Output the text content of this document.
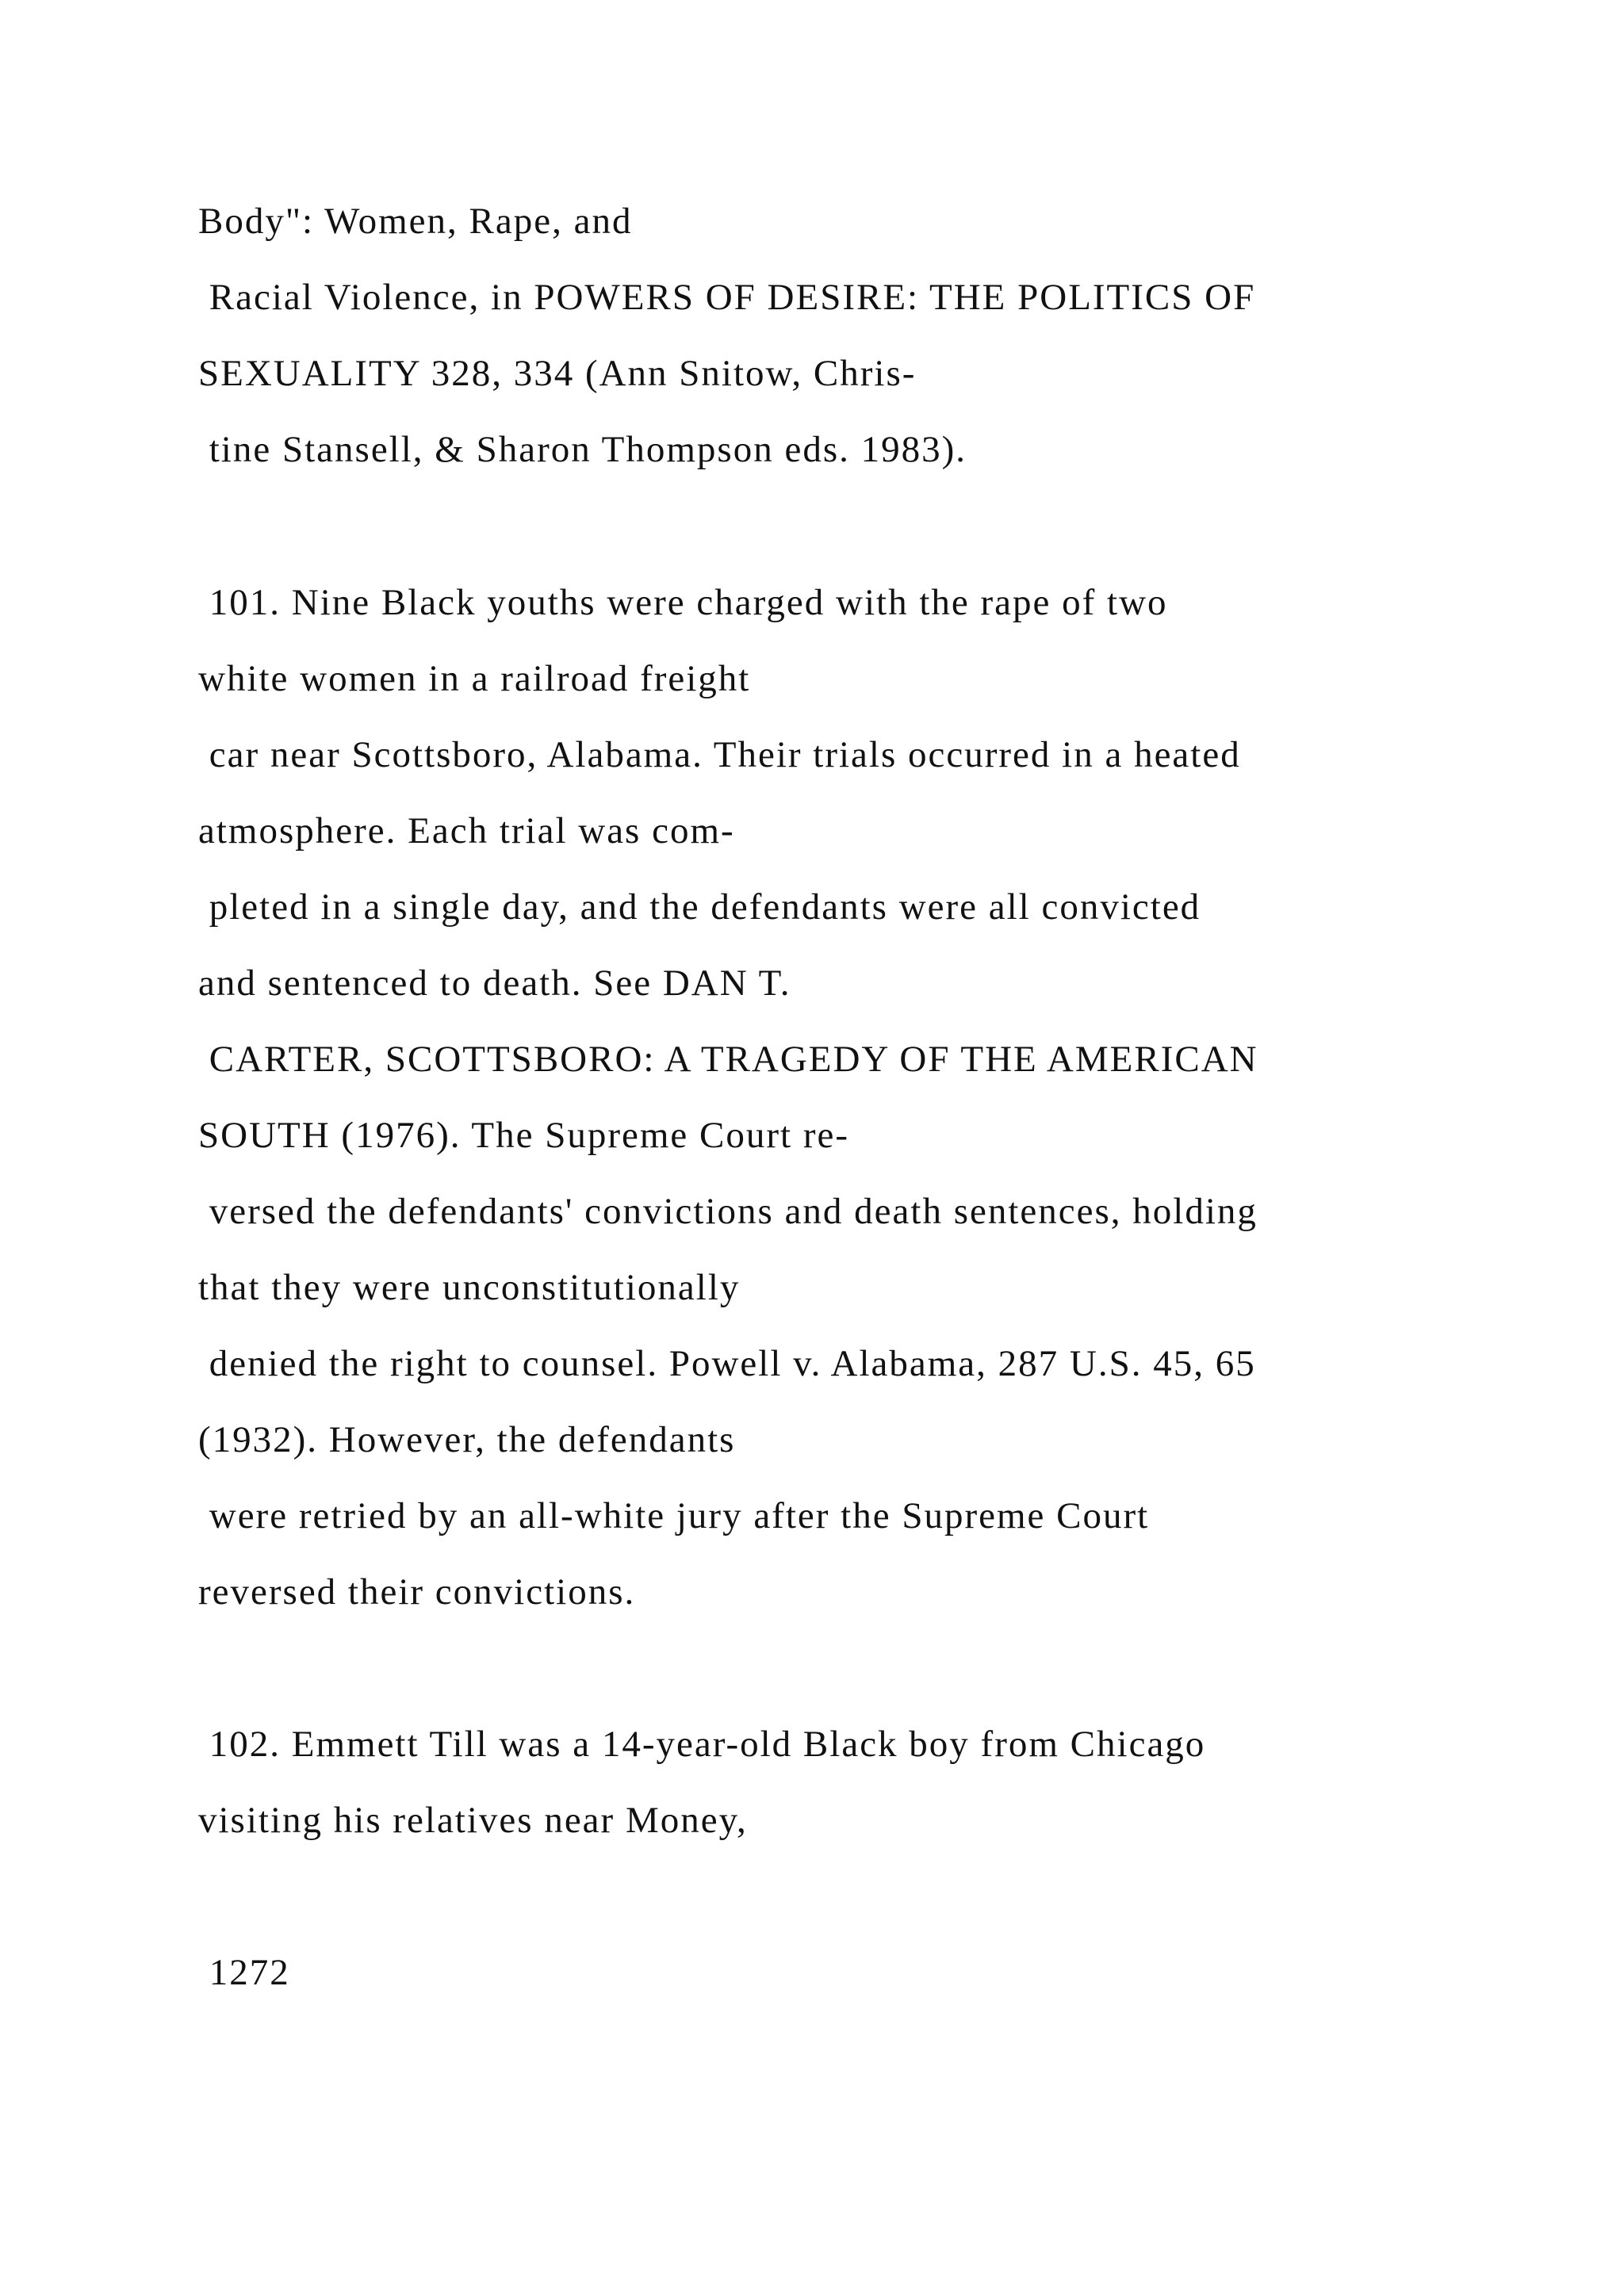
Body": Women, Rape, and
Racial Violence, in POWERS OF DESIRE: THE POLITICS OF
SEXUALITY 328, 334 (Ann Snitow, Chris-
tine Stansell, & Sharon Thompson eds. 1983).
101. Nine Black youths were charged with the rape of two
white women in a railroad freight
car near Scottsboro, Alabama. Their trials occurred in a heated
atmosphere. Each trial was com-
pleted in a single day, and the defendants were all convicted
and sentenced to death. See DAN T.
CARTER, SCOTTSBORO: A TRAGEDY OF THE AMERICAN
SOUTH (1976). The Supreme Court re-
versed the defendants' convictions and death sentences, holding
that they were unconstitutionally
denied the right to counsel. Powell v. Alabama, 287 U.S. 45, 65
(1932). However, the defendants
were retried by an all-white jury after the Supreme Court
reversed their convictions.
102. Emmett Till was a 14-year-old Black boy from Chicago
visiting his relatives near Money,
1272
